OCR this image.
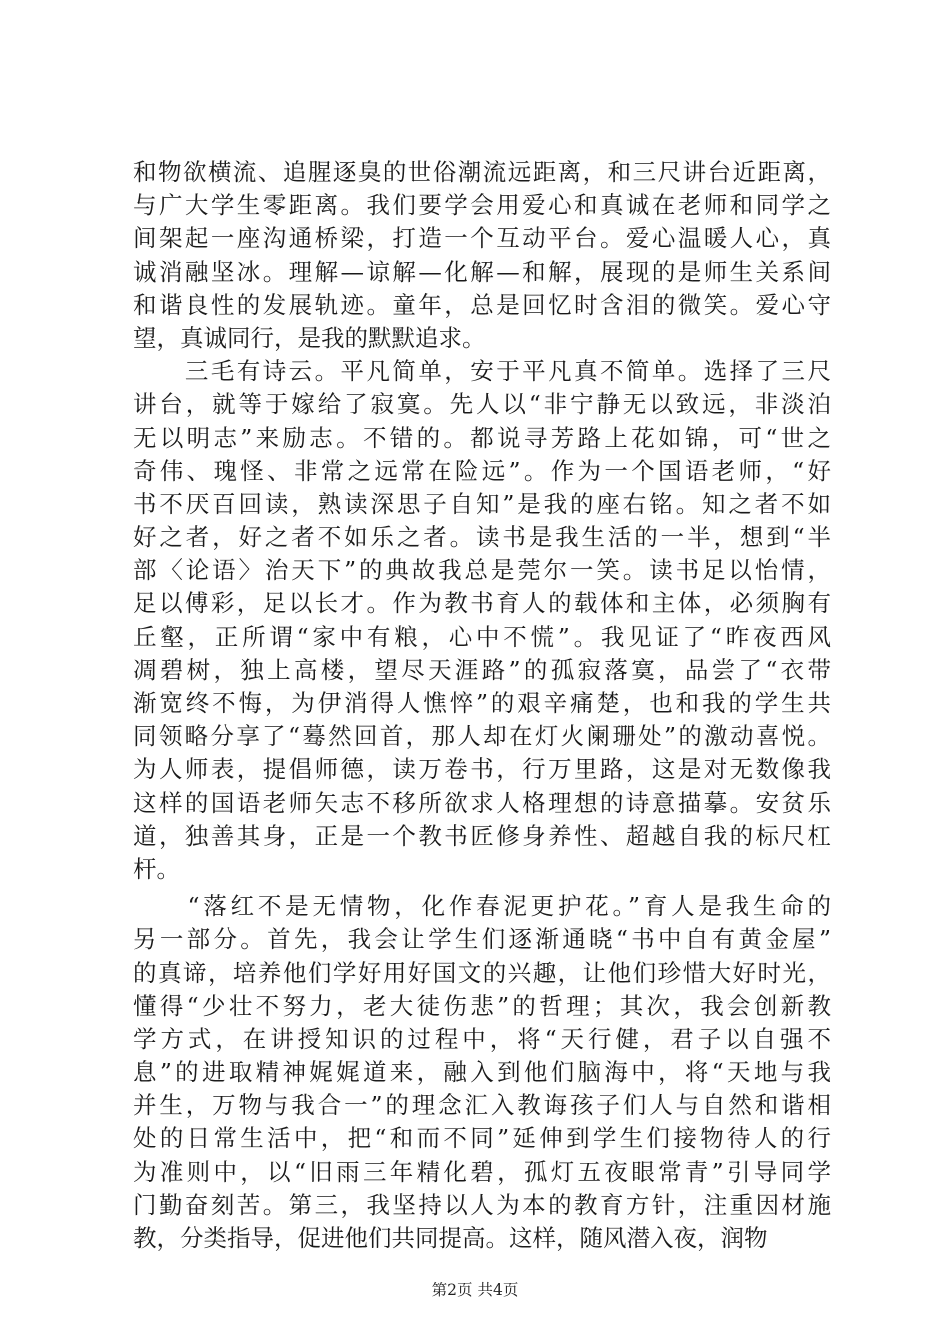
和物欲横流、追腥逐臭的世俗潮流远距离，和三尺讲台近距离，
与广大学生零距离。我们要学会用爱心和真诚在老师和同学之
间架起一座沟通桥梁，打造一个互动平台。爱心温暖人心，真
诚消融坚冰。理解—谅解—化解—和解，展现的是师生关系间
和谐良性的发展轨迹。童年，总是回忆时含泪的微笑。爱心守
望，真诚同行，是我的默默追求。
　　三毛有诗云。平凡简单，安于平凡真不简单。选择了三尺
讲台，就等于嫁给了寂寞。先人以“非宁静无以致远，非淡泊
无以明志”来励志。不错的。都说寻芳路上花如锦，可“世之
奇伟、瑰怪、非常之远常在险远”。作为一个国语老师，“好
书不厌百回读，熟读深思子自知”是我的座右铭。知之者不如
好之者，好之者不如乐之者。读书是我生活的一半，想到“半
部〈论语〉治天下”的典故我总是莞尔一笑。读书足以怡情，
足以傅彩，足以长才。作为教书育人的载体和主体，必须胸有
丘壑，正所谓“家中有粮，心中不慌”。我见证了“昨夜西风
凋碧树，独上高楼，望尽天涯路”的孤寂落寞，品尝了“衣带
渐宽终不悔，为伊消得人憔悴”的艰辛痛楚，也和我的学生共
同领略分享了“蓦然回首，那人却在灯火阑珊处”的激动喜悦。
为人师表，提倡师德，读万卷书，行万里路，这是对无数像我
这样的国语老师矢志不移所欲求人格理想的诗意描摹。安贫乐
道，独善其身，正是一个教书匠修身养性、超越自我的标尺杠
杆。
　　“落红不是无情物，化作春泥更护花。”育人是我生命的
另一部分。首先，我会让学生们逐渐通晓“书中自有黄金屋”
的真谛，培养他们学好用好国文的兴趣，让他们珍惜大好时光，
懂得“少壮不努力，老大徒伤悲”的哲理；其次，我会创新教
学方式，在讲授知识的过程中，将“天行健，君子以自强不
息”的进取精神娓娓道来，融入到他们脑海中，将“天地与我
并生，万物与我合一”的理念汇入教诲孩子们人与自然和谐相
处的日常生活中，把“和而不同”延伸到学生们接物待人的行
为准则中，以“旧雨三年精化碧，孤灯五夜眼常青”引导同学
门勤奋刻苦。第三，我坚持以人为本的教育方针，注重因材施
教，分类指导，促进他们共同提高。这样，随风潜入夜，润物
第2页 共4页
